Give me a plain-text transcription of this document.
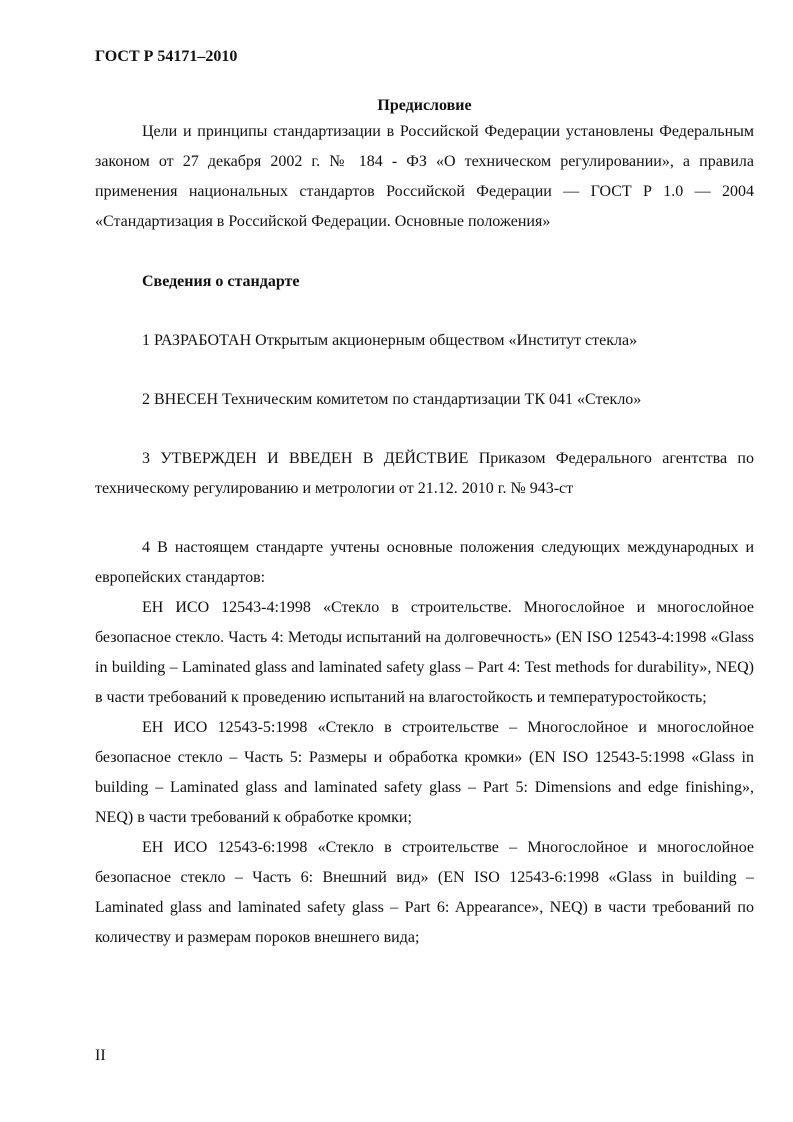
ГОСТ Р 54171–2010
Предисловие

Цели и принципы стандартизации в Российской Федерации установлены Федеральным законом от 27 декабря 2002 г. № 184 - ФЗ «О техническом регулировании», а правила применения национальных стандартов Российской Федерации — ГОСТ Р 1.0 — 2004 «Стандартизация в Российской Федерации. Основные положения»

Сведения о стандарте

1 РАЗРАБОТАН Открытым акционерным обществом «Институт стекла»

2 ВНЕСЕН Техническим комитетом по стандартизации ТК 041 «Стекло»

3 УТВЕРЖДЕН И ВВЕДЕН В ДЕЙСТВИЕ Приказом Федерального агентства по техническому регулированию и метрологии от 21.12. 2010 г. № 943-ст

4 В настоящем стандарте учтены основные положения следующих международных и европейских стандартов:

ЕН ИСО 12543-4:1998 «Стекло в строительстве. Многослойное и многослойное безопасное стекло. Часть 4: Методы испытаний на долговечность» (EN ISO 12543-4:1998 «Glass in building – Laminated glass and laminated safety glass – Part 4: Test methods for durability», NEQ) в части требований к проведению испытаний на влагостойкость и температуростойкость;

ЕН ИСО 12543-5:1998 «Стекло в строительстве – Многослойное и многослойное безопасное стекло – Часть 5: Размеры и обработка кромки» (EN ISO 12543-5:1998 «Glass in building – Laminated glass and laminated safety glass – Part 5: Dimensions and edge finishing», NEQ) в части требований к обработке кромки;

ЕН ИСО 12543-6:1998 «Стекло в строительстве – Многослойное и многослойное безопасное стекло – Часть 6: Внешний вид» (EN ISO 12543-6:1998 «Glass in building – Laminated glass and laminated safety glass – Part 6: Appearance», NEQ) в части требований по количеству и размерам пороков внешнего вида;

II
